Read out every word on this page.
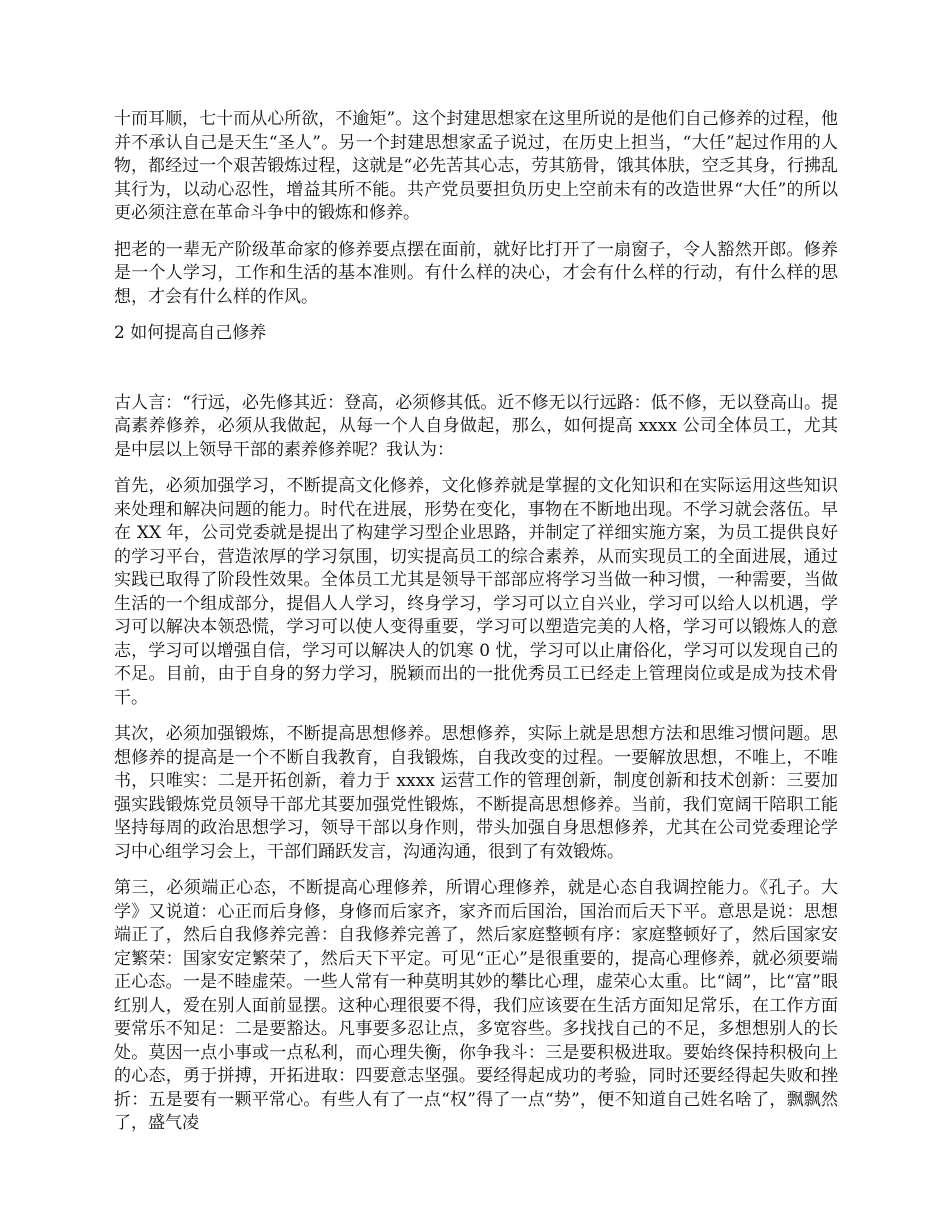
十而耳顺，七十而从心所欲，不逾矩”。这个封建思想家在这里所说的是他们自己修养的过程，他并不承认自己是天生“圣人”。另一个封建思想家孟子说过，在历史上担当，“大任”起过作用的人物，都经过一个艰苦锻炼过程，这就是“必先苦其心志，劳其筋骨，饿其体肤，空乏其身，行拂乱其行为，以动心忍性，增益其所不能。共产党员要担负历史上空前未有的改造世界“大任”的所以更必须注意在革命斗争中的锻炼和修养。

把老的一辈无产阶级革命家的修养要点摆在面前，就好比打开了一扇窗子，令人豁然开郎。修养是一个人学习，工作和生活的基本准则。有什么样的决心，才会有什么样的行动，有什么样的思想，才会有什么样的作风。

2 如何提高自己修养

古人言：“行远，必先修其近：登高，必须修其低。近不修无以行远路：低不修，无以登高山。提高素养修养，必须从我做起，从每一个人自身做起，那么，如何提高 xxxx 公司全体员工，尤其是中层以上领导干部的素养修养呢？我认为：

首先，必须加强学习，不断提高文化修养，文化修养就是掌握的文化知识和在实际运用这些知识来处理和解决问题的能力。时代在进展，形势在变化，事物在不断地出现。不学习就会落伍。早在 XX 年，公司党委就是提出了构建学习型企业思路，并制定了祥细实施方案，为员工提供良好的学习平台，营造浓厚的学习氛围，切实提高员工的综合素养，从而实现员工的全面进展，通过实践已取得了阶段性效果。全体员工尤其是领导干部部应将学习当做一种习惯，一种需要，当做生活的一个组成部分，提倡人人学习，终身学习，学习可以立自兴业，学习可以给人以机遇，学习可以解决本领恐慌，学习可以使人变得重要，学习可以塑造完美的人格，学习可以锻炼人的意志，学习可以增强自信，学习可以解决人的饥寒 0 忧，学习可以止庸俗化，学习可以发现自己的不足。目前，由于自身的努力学习，脱颖而出的一批优秀员工已经走上管理岗位或是成为技术骨干。

其次，必须加强锻炼，不断提高思想修养。思想修养，实际上就是思想方法和思维习惯问题。思想修养的提高是一个不断自我教育，自我锻炼，自我改变的过程。一要解放思想，不唯上，不唯书，只唯实：二是开拓创新，着力于 xxxx 运营工作的管理创新，制度创新和技术创新：三要加强实践锻炼党员领导干部尤其要加强党性锻炼，不断提高思想修养。当前，我们宽阔干陪职工能坚持每周的政治思想学习，领导干部以身作则，带头加强自身思想修养，尤其在公司党委理论学习中心组学习会上，干部们踊跃发言，沟通沟通，很到了有效锻炼。

第三，必须端正心态，不断提高心理修养，所谓心理修养，就是心态自我调控能力。《孔子。大学》又说道：心正而后身修，身修而后家齐，家齐而后国治，国治而后天下平。意思是说：思想端正了，然后自我修养完善：自我修养完善了，然后家庭整顿有序：家庭整顿好了，然后国家安定繁荣：国家安定繁荣了，然后天下平定。可见“正心”是很重要的，提高心理修养，就必须要端正心态。一是不睦虚荣。一些人常有一种莫明其妙的攀比心理，虚荣心太重。比“阔”，比“富”眼红别人，爱在别人面前显摆。这种心理很要不得，我们应该要在生活方面知足常乐，在工作方面要常乐不知足：二是要豁达。凡事要多忍让点，多宽容些。多找找自己的不足，多想想别人的长处。莫因一点小事或一点私利，而心理失衡，你争我斗：三是要积极进取。要始终保持积极向上的心态，勇于拼搏，开拓进取：四要意志坚强。要经得起成功的考验，同时还要经得起失败和挫折：五是要有一颗平常心。有些人有了一点“权”得了一点“势”，便不知道自己姓名啥了，飘飘然了，盛气凌
